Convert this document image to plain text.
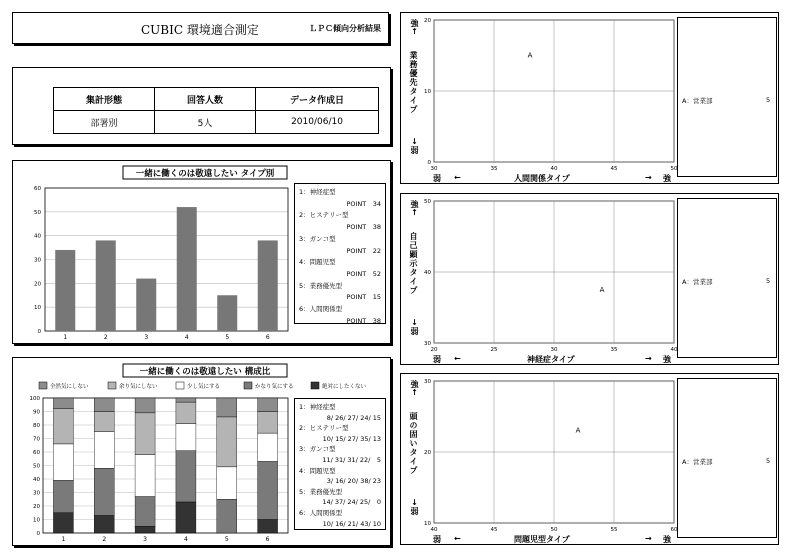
CUBIC 環境適合測定	ＬＰＣ傾向分析結果
集計形態	回答人数	データ作成日
部署別	5人	2010/06/10
一緒に働くのは敬遠したい タイプ別
0
10
20
30
40
50
60
1	2	3	4	5	6
1：神経症型
POINT　34
2：ヒステリー型
POINT　38
3：ガンコ型
POINT　22
4：問題児型
POINT　52
5：業務優先型
POINT　15
6：人間関係型
POINT　38
一緒に働くのは敬遠したい 構成比
全然気にしない	余り気にしない	少し気にする	かなり気にする	絶対にしたくない
0
10
20
30
40
50
60
70
80
90
100
1	2	3	4	5	6
1：神経症型
8/ 26/ 27/ 24/ 15
2：ヒステリー型
10/ 15/ 27/ 35/ 13
3：ガンコ型
11/ 31/ 31/ 22/　5
4：問題児型
3/ 16/ 20/ 38/ 23
5：業務優先型
14/ 37/ 24/ 25/　0
6：人間関係型
10/ 16/ 21/ 43/ 10
30	35	40	45	50
0
10
20
A
強↑
業務優先タイプ
↓弱
弱 ←	人間関係タイプ	→ 強
A：営業部	5
20	25	30	35	40
30
40
50
A
強↑
自己顕示タイプ
↓弱
弱 ←	神経症タイプ	→ 強
A：営業部	5
40	45	50	55	60
10
20
30
A
強↑
頭の固いタイプ
↓弱
弱 ←	問題児型タイプ	→ 強
A：営業部	5
